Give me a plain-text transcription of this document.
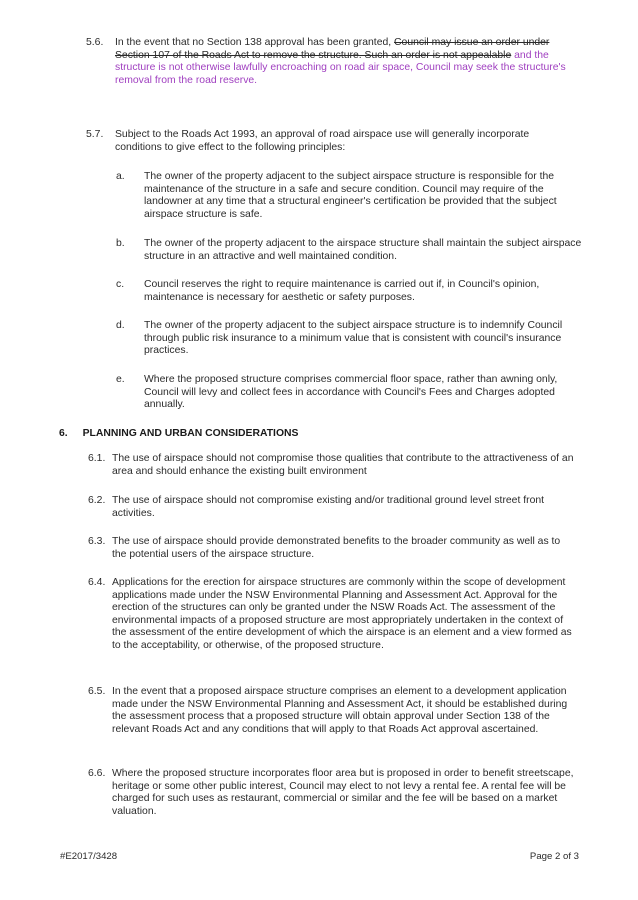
5.6. In the event that no Section 138 approval has been granted, Council may issue an order under Section 107 of the Roads Act to remove the structure. Such an order is not appealable and the structure is not otherwise lawfully encroaching on road air space, Council may seek the structure's removal from the road reserve.
5.7. Subject to the Roads Act 1993, an approval of road airspace use will generally incorporate conditions to give effect to the following principles:
a. The owner of the property adjacent to the subject airspace structure is responsible for the maintenance of the structure in a safe and secure condition. Council may require of the landowner at any time that a structural engineer's certification be provided that the subject airspace structure is safe.
b. The owner of the property adjacent to the airspace structure shall maintain the subject airspace structure in an attractive and well maintained condition.
c. Council reserves the right to require maintenance is carried out if, in Council's opinion, maintenance is necessary for aesthetic or safety purposes.
d. The owner of the property adjacent to the subject airspace structure is to indemnify Council through public risk insurance to a minimum value that is consistent with council's insurance practices.
e. Where the proposed structure comprises commercial floor space, rather than awning only, Council will levy and collect fees in accordance with Council's Fees and Charges adopted annually.
6. PLANNING AND URBAN CONSIDERATIONS
6.1. The use of airspace should not compromise those qualities that contribute to the attractiveness of an area and should enhance the existing built environment
6.2. The use of airspace should not compromise existing and/or traditional ground level street front activities.
6.3. The use of airspace should provide demonstrated benefits to the broader community as well as to the potential users of the airspace structure.
6.4. Applications for the erection for airspace structures are commonly within the scope of development applications made under the NSW Environmental Planning and Assessment Act. Approval for the erection of the structures can only be granted under the NSW Roads Act. The assessment of the environmental impacts of a proposed structure are most appropriately undertaken in the context of the assessment of the entire development of which the airspace is an element and a view formed as to the acceptability, or otherwise, of the proposed structure.
6.5. In the event that a proposed airspace structure comprises an element to a development application made under the NSW Environmental Planning and Assessment Act, it should be established during the assessment process that a proposed structure will obtain approval under Section 138 of the relevant Roads Act and any conditions that will apply to that Roads Act approval ascertained.
6.6. Where the proposed structure incorporates floor area but is proposed in order to benefit streetscape, heritage or some other public interest, Council may elect to not levy a rental fee. A rental fee will be charged for such uses as restaurant, commercial or similar and the fee will be based on a market valuation.
#E2017/3428	Page 2 of 3
